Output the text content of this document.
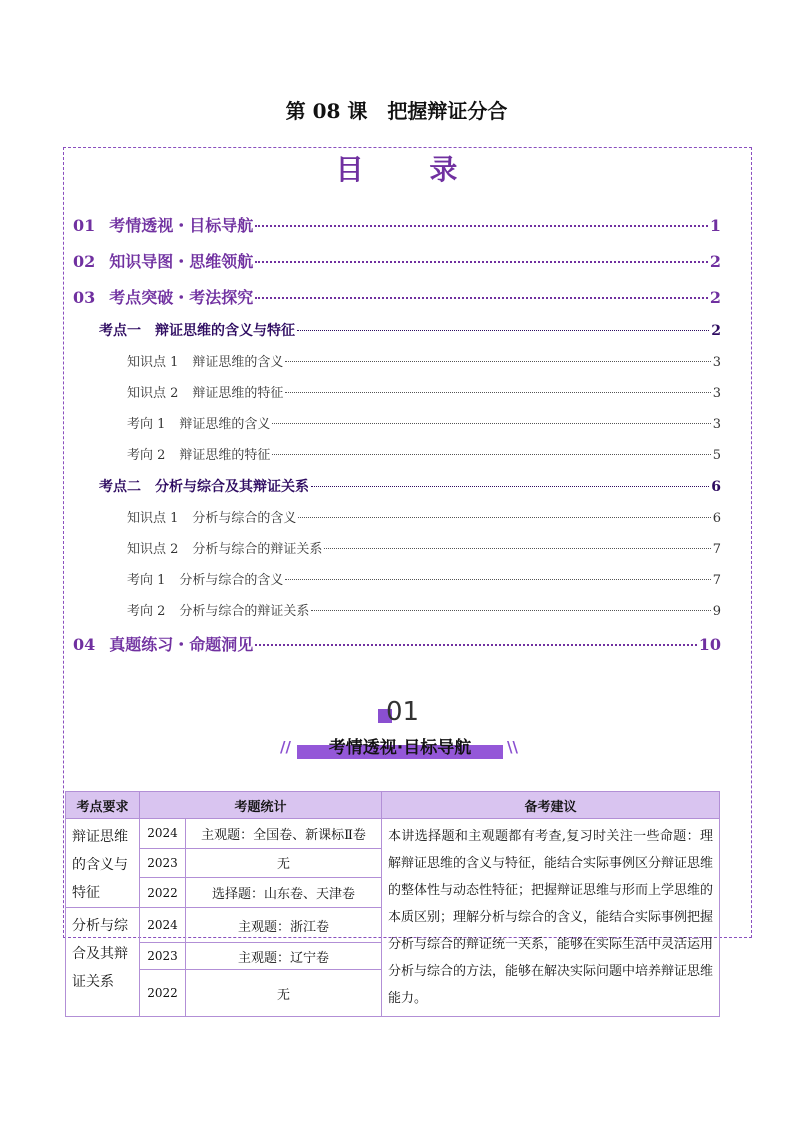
第 08 课　把握辩证分合
目 录
01 考情透视・目标导航	1
02 知识导图・思维领航	2
03 考点突破・考法探究	2
考点一 辩证思维的含义与特征	2
知识点 1 辩证思维的含义	3
知识点 2 辩证思维的特征	3
考向 1 辩证思维的含义	3
考向 2 辩证思维的特征	5
考点二 分析与综合及其辩证关系	6
知识点 1 分析与综合的含义	6
知识点 2 分析与综合的辩证关系	7
考向 1 分析与综合的含义	7
考向 2 分析与综合的辩证关系	9
04 真题练习・命题洞见	10
01
//	考情透视·目标导航	\\
考点要求	考题统计		备考建议
辩证思维的含义与特征	2024	主观题：全国卷、新课标Ⅱ卷	本讲选择题和主观题都有考查,复习时关注一些命题：理解辩证思维的含义与特征，能结合实际事例区分辩证思维的整体性与动态性特征；把握辩证思维与形而上学思维的本质区别；理解分析与综合的含义，能结合实际事例把握分析与综合的辩证统一关系，能够在实际生活中灵活运用分析与综合的方法，能够在解决实际问题中培养辩证思维能力。
	2023	无	
	2022	选择题：山东卷、天津卷	
分析与综合及其辩证关系	2024	主观题：浙江卷	
	2023	主观题：辽宁卷	
	2022	无	
